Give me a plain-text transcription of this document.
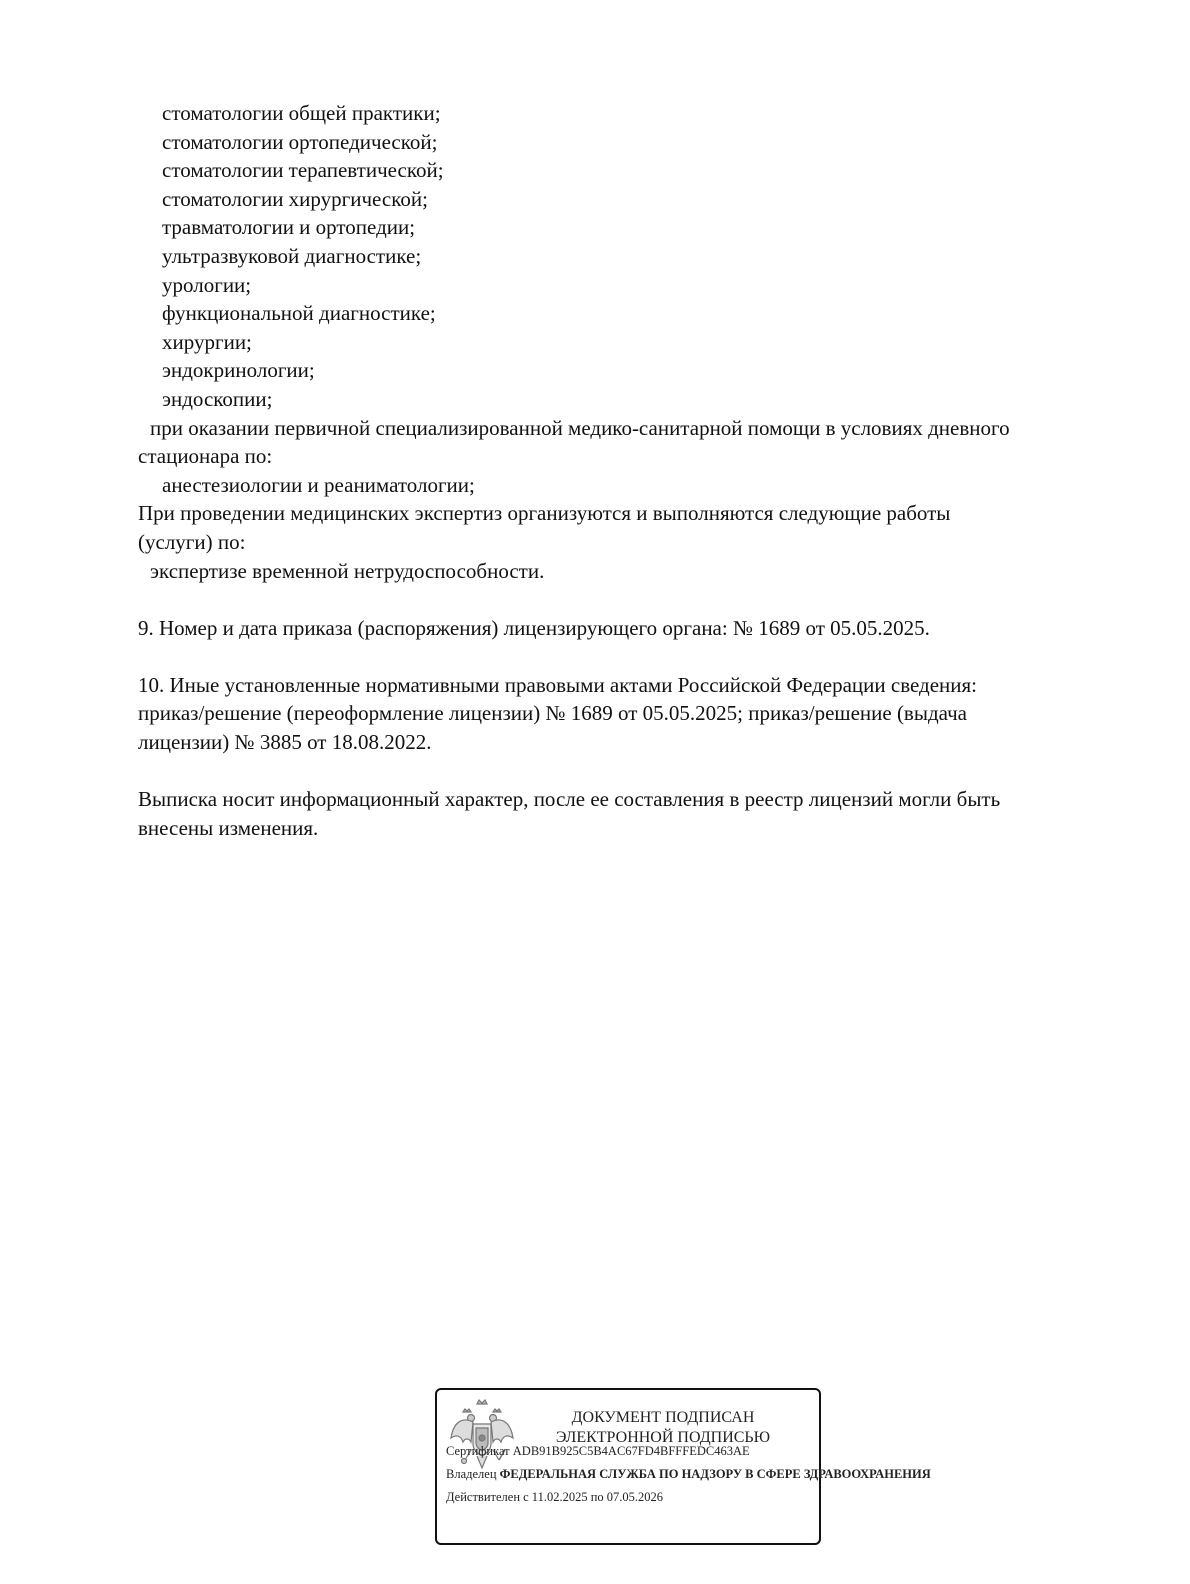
стоматологии общей практики;

стоматологии ортопедической;

стоматологии терапевтической;

стоматологии хирургической;

травматологии и ортопедии;

ультразвуковой диагностике;

урологии;

функциональной диагностике;

хирургии;

эндокринологии;

эндоскопии;

при оказании первичной специализированной медико-санитарной помощи в условиях дневного

стационара по:

анестезиологии и реаниматологии;

При проведении медицинских экспертиз организуются и выполняются следующие работы

(услуги) по:

экспертизе временной нетрудоспособности.

9. Номер и дата приказа (распоряжения) лицензирующего органа: № 1689 от 05.05.2025.

10. Иные установленные нормативными правовыми актами Российской Федерации сведения:

приказ/решение (переоформление лицензии) № 1689 от 05.05.2025; приказ/решение (выдача

лицензии) № 3885 от 18.08.2022.

Выписка носит информационный характер, после ее составления в реестр лицензий могли быть

внесены изменения.

ДОКУМЕНТ ПОДПИСАН
ЭЛЕКТРОННОЙ ПОДПИСЬЮ
Сертификат ADB91B925C5B4AC67FD4BFFFEDC463AE
Владелец ФЕДЕРАЛЬНАЯ СЛУЖБА ПО НАДЗОРУ В СФЕРЕ ЗДРАВООХРАНЕНИЯ
Действителен с 11.02.2025 по 07.05.2026
